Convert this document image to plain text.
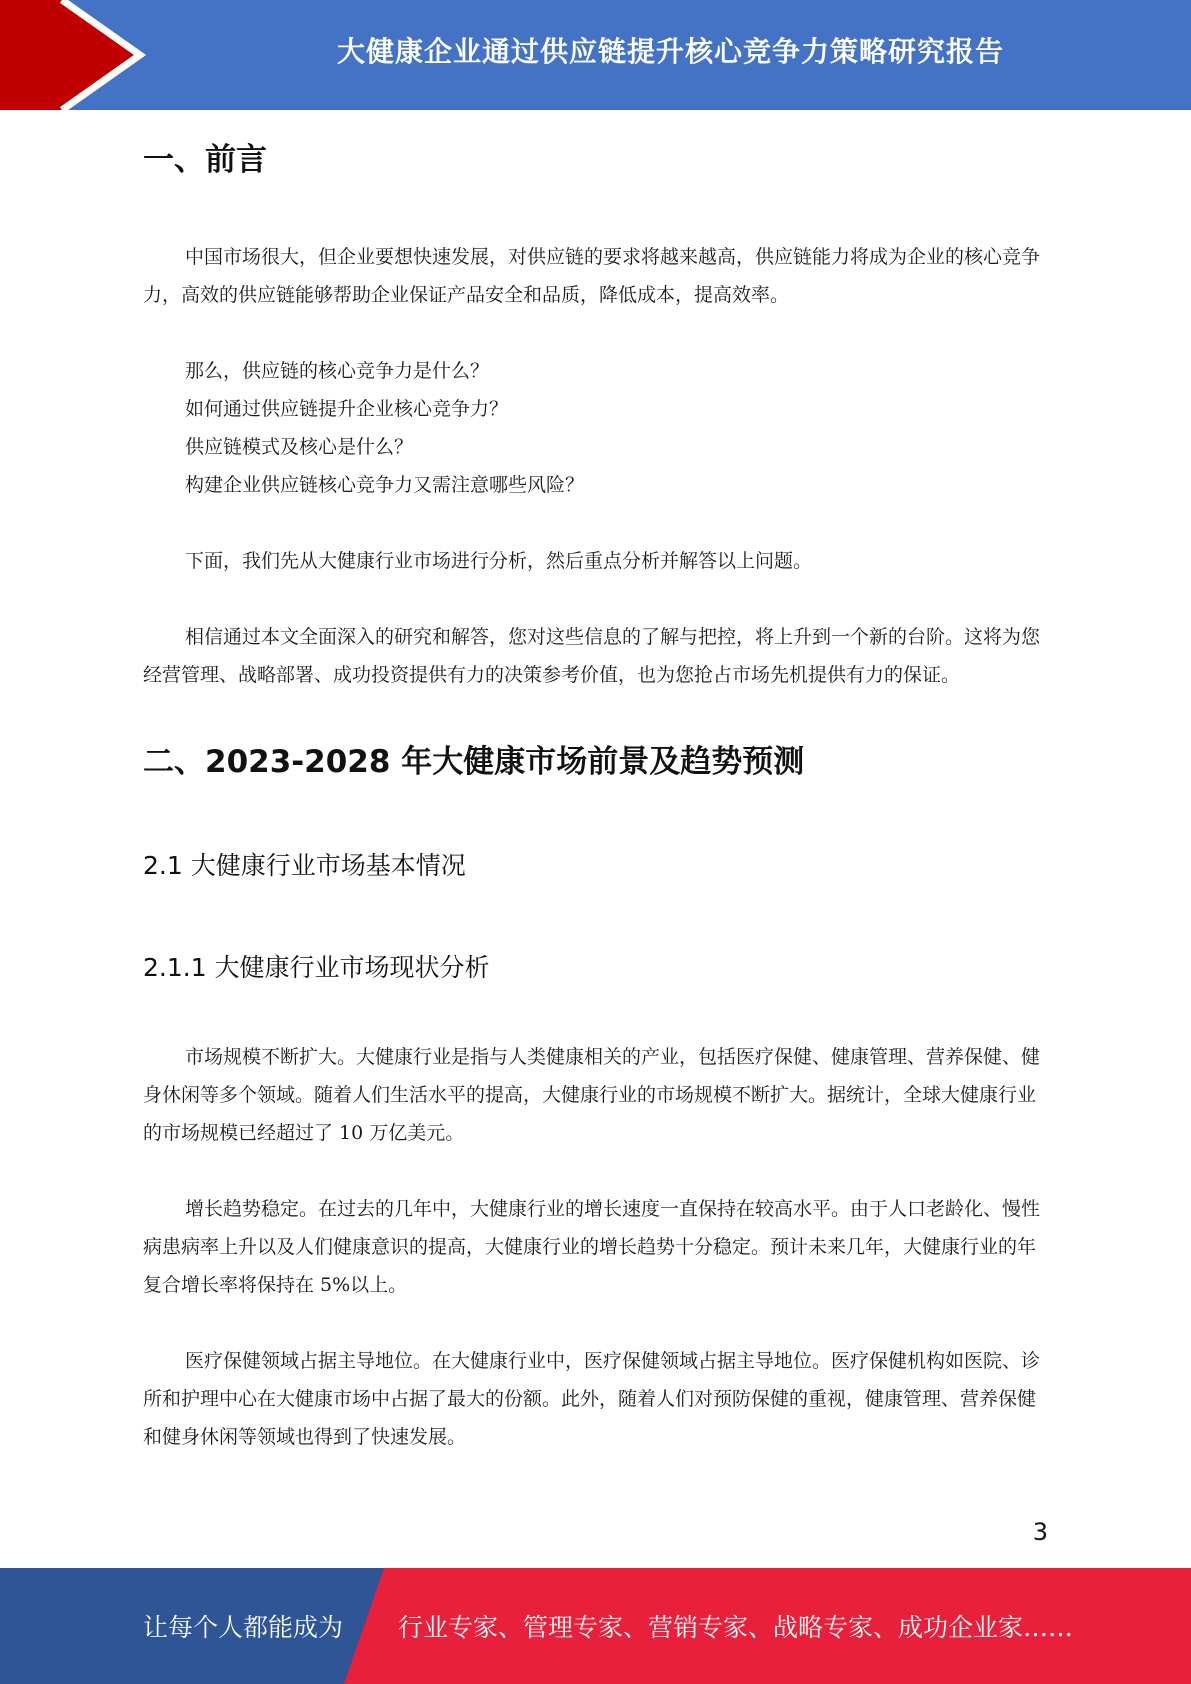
大健康企业通过供应链提升核心竞争力策略研究报告
一、前言

中国市场很大，但企业要想快速发展，对供应链的要求将越来越高，供应链能力将成为企业的核心竞争力，高效的供应链能够帮助企业保证产品安全和品质，降低成本，提高效率。

那么，供应链的核心竞争力是什么？

如何通过供应链提升企业核心竞争力？

供应链模式及核心是什么？

构建企业供应链核心竞争力又需注意哪些风险？

下面，我们先从大健康行业市场进行分析，然后重点分析并解答以上问题。

相信通过本文全面深入的研究和解答，您对这些信息的了解与把控，将上升到一个新的台阶。这将为您经营管理、战略部署、成功投资提供有力的决策参考价值，也为您抢占市场先机提供有力的保证。

二、2023-2028 年大健康市场前景及趋势预测
2.1 大健康行业市场基本情况
2.1.1 大健康行业市场现状分析

市场规模不断扩大。大健康行业是指与人类健康相关的产业，包括医疗保健、健康管理、营养保健、健身休闲等多个领域。随着人们生活水平的提高，大健康行业的市场规模不断扩大。据统计，全球大健康行业的市场规模已经超过了 10 万亿美元。

增长趋势稳定。在过去的几年中，大健康行业的增长速度一直保持在较高水平。由于人口老龄化、慢性病患病率上升以及人们健康意识的提高，大健康行业的增长趋势十分稳定。预计未来几年，大健康行业的年复合增长率将保持在 5%以上。

医疗保健领域占据主导地位。在大健康行业中，医疗保健领域占据主导地位。医疗保健机构如医院、诊所和护理中心在大健康市场中占据了最大的份额。此外，随着人们对预防保健的重视，健康管理、营养保健和健身休闲等领域也得到了快速发展。

3
让每个人都能成为 行业专家、管理专家、营销专家、战略专家、成功企业家……
